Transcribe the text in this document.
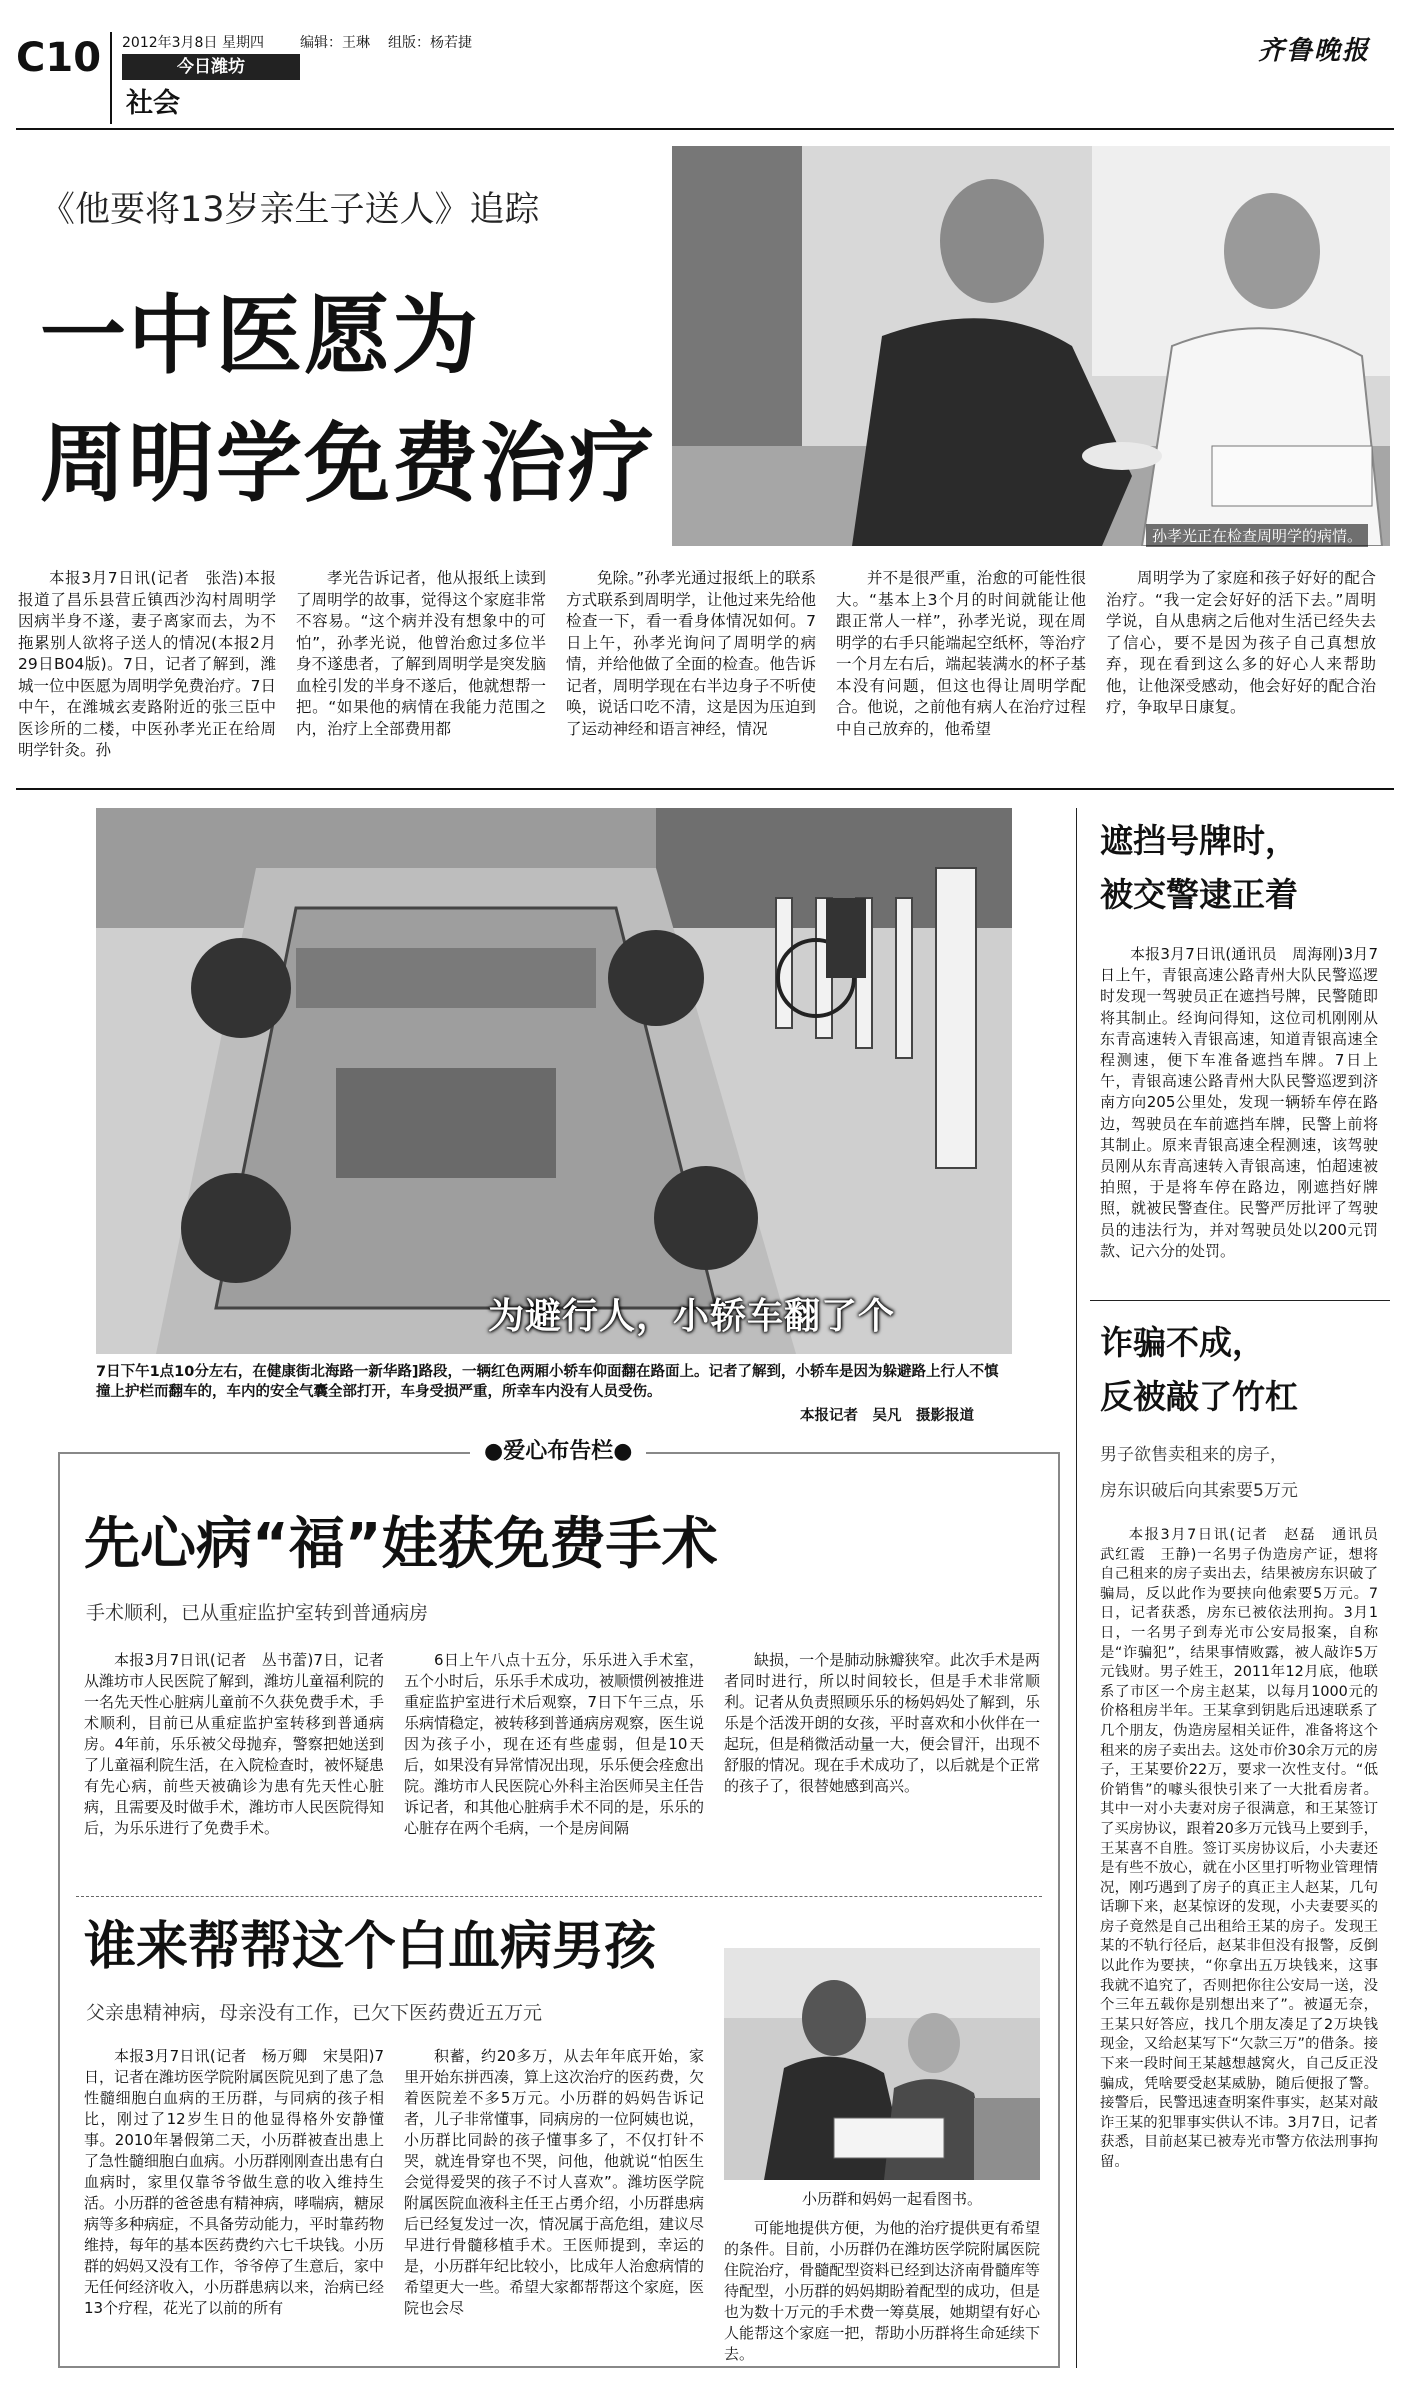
C10 2012年3月8日 星期四	编辑：王琳 组版：杨若捷
今日潍坊
社会
齐鲁晚报
《他要将13岁亲生子送人》追踪
一中医愿为
周明学免费治疗
孙孝光正在检查周明学的病情。

本报3月7日讯(记者　张浩)本报报道了昌乐县营丘镇西沙沟村周明学因病半身不遂，妻子离家而去，为不拖累别人欲将子送人的情况(本报2月29日B04版)。7日，记者了解到，潍城一位中医愿为周明学免费治疗。7日中午，在潍城玄麦路附近的张三臣中医诊所的二楼，中医孙孝光正在给周明学针灸。孙

孝光告诉记者，他从报纸上读到了周明学的故事，觉得这个家庭非常不容易。“这个病并没有想象中的可怕”，孙孝光说，他曾治愈过多位半身不遂患者，了解到周明学是突发脑血栓引发的半身不遂后，他就想帮一把。“如果他的病情在我能力范围之内，治疗上全部费用都

免除。”孙孝光通过报纸上的联系方式联系到周明学，让他过来先给他检查一下，看一看身体情况如何。7日上午，孙孝光询问了周明学的病情，并给他做了全面的检查。他告诉记者，周明学现在右半边身子不听使唤，说话口吃不清，这是因为压迫到了运动神经和语言神经，情况

并不是很严重，治愈的可能性很大。“基本上3个月的时间就能让他跟正常人一样”，孙孝光说，现在周明学的右手只能端起空纸杯，等治疗一个月左右后，端起装满水的杯子基本没有问题，但这也得让周明学配合。他说，之前他有病人在治疗过程中自己放弃的，他希望

周明学为了家庭和孩子好好的配合治疗。“我一定会好好的活下去。”周明学说，自从患病之后他对生活已经失去了信心，要不是因为孩子自己真想放弃，现在看到这么多的好心人来帮助他，让他深受感动，他会好好的配合治疗，争取早日康复。

为避行人，小轿车翻了个
7日下午1点10分左右，在健康街北海路一新华路]路段，一辆红色两厢小轿车仰面翻在路面上。记者了解到，小轿车是因为躲避路上行人不慎撞上护栏而翻车的，车内的安全气囊全部打开，车身受损严重，所幸车内没有人员受伤。
本报记者　吴凡　摄影报道
遮挡号牌时，
被交警逮正着

本报3月7日讯(通讯员　周海刚)3月7日上午，青银高速公路青州大队民警巡逻时发现一驾驶员正在遮挡号牌，民警随即将其制止。经询问得知，这位司机刚刚从东青高速转入青银高速，知道青银高速全程测速，便下车准备遮挡车牌。7日上午，青银高速公路青州大队民警巡逻到济南方向205公里处，发现一辆轿车停在路边，驾驶员在车前遮挡车牌，民警上前将其制止。原来青银高速全程测速，该驾驶员刚从东青高速转入青银高速，怕超速被拍照，于是将车停在路边，刚遮挡好牌照，就被民警查住。民警严厉批评了驾驶员的违法行为，并对驾驶员处以200元罚款、记六分的处罚。

诈骗不成，
反被敲了竹杠
男子欲售卖租来的房子，
房东识破后向其索要5万元

本报3月7日讯(记者　赵磊　通讯员　武红霞　王静)一名男子伪造房产证，想将自己租来的房子卖出去，结果被房东识破了骗局，反以此作为要挟向他索要5万元。7日，记者获悉，房东已被依法刑拘。3月1日，一名男子到寿光市公安局报案，自称是“诈骗犯”，结果事情败露，被人敲诈5万元钱财。男子姓王，2011年12月底，他联系了市区一个房主赵某，以每月1000元的价格租房半年。王某拿到钥匙后迅速联系了几个朋友，伪造房屋相关证件，准备将这个租来的房子卖出去。这处市价30余万元的房子，王某要价22万，要求一次性支付。“低价销售”的噱头很快引来了一大批看房者。其中一对小夫妻对房子很满意，和王某签订了买房协议，跟着20多万元钱马上要到手，王某喜不自胜。签订买房协议后，小夫妻还是有些不放心，就在小区里打听物业管理情况，刚巧遇到了房子的真正主人赵某，几句话聊下来，赵某惊讶的发现，小夫妻要买的房子竟然是自己出租给王某的房子。发现王某的不轨行径后，赵某非但没有报警，反倒以此作为要挟，“你拿出五万块钱来，这事我就不追究了，否则把你往公安局一送，没个三年五载你是别想出来了”。被逼无奈，王某只好答应，找几个朋友凑足了2万块钱现金，又给赵某写下“欠款三万”的借条。接下来一段时间王某越想越窝火，自己反正没骗成，凭啥要受赵某威胁，随后便报了警。接警后，民警迅速查明案件事实，赵某对敲诈王某的犯罪事实供认不讳。3月7日，记者获悉，目前赵某已被寿光市警方依法刑事拘留。

●爱心布告栏●
先心病“福”娃获免费手术
手术顺利，已从重症监护室转到普通病房

本报3月7日讯(记者　丛书蕾)7日，记者从潍坊市人民医院了解到，潍坊儿童福利院的一名先天性心脏病儿童前不久获免费手术，手术顺利，目前已从重症监护室转移到普通病房。4年前，乐乐被父母抛弃，警察把她送到了儿童福利院生活，在入院检查时，被怀疑患有先心病，前些天被确诊为患有先天性心脏病，且需要及时做手术，潍坊市人民医院得知后，为乐乐进行了免费手术。

6日上午八点十五分，乐乐进入手术室，五个小时后，乐乐手术成功，被顺惯例被推进重症监护室进行术后观察，7日下午三点，乐乐病情稳定，被转移到普通病房观察，医生说因为孩子小，现在还有些虚弱，但是10天后，如果没有异常情况出现，乐乐便会痊愈出院。潍坊市人民医院心外科主治医师吴主任告诉记者，和其他心脏病手术不同的是，乐乐的心脏存在两个毛病，一个是房间隔

缺损，一个是肺动脉瓣狭窄。此次手术是两者同时进行，所以时间较长，但是手术非常顺利。记者从负责照顾乐乐的杨妈妈处了解到，乐乐是个活泼开朗的女孩，平时喜欢和小伙伴在一起玩，但是稍微活动量一大，便会冒汗，出现不舒服的情况。现在手术成功了，以后就是个正常的孩子了，很替她感到高兴。

谁来帮帮这个白血病男孩
父亲患精神病，母亲没有工作，已欠下医药费近五万元
小历群和妈妈一起看图书。

本报3月7日讯(记者　杨万卿　宋昊阳)7日，记者在潍坊医学院附属医院见到了患了急性髓细胞白血病的王历群，与同病的孩子相比，刚过了12岁生日的他显得格外安静懂事。2010年暑假第二天，小历群被查出患上了急性髓细胞白血病。小历群刚刚查出患有白血病时，家里仅靠爷爷做生意的收入维持生活。小历群的爸爸患有精神病，哮喘病，糖尿病等多种病症，不具备劳动能力，平时靠药物维持，每年的基本医药费约六七千块钱。小历群的妈妈又没有工作，爷爷停了生意后，家中无任何经济收入，小历群患病以来，治病已经13个疗程，花光了以前的所有

积蓄，约20多万，从去年年底开始，家里开始东拼西凑，算上这次治疗的医药费，欠着医院差不多5万元。小历群的妈妈告诉记者，儿子非常懂事，同病房的一位阿姨也说，小历群比同龄的孩子懂事多了，不仅打针不哭，就连骨穿也不哭，问他，他就说“怕医生会觉得爱哭的孩子不讨人喜欢”。潍坊医学院附属医院血液科主任王占勇介绍，小历群患病后已经复发过一次，情况属于高危组，建议尽早进行骨髓移植手术。王医师提到，幸运的是，小历群年纪比较小，比成年人治愈病情的希望更大一些。希望大家都帮帮这个家庭，医院也会尽

可能地提供方便，为他的治疗提供更有希望的条件。目前，小历群仍在潍坊医学院附属医院住院治疗，骨髓配型资料已经到达济南骨髓库等待配型，小历群的妈妈期盼着配型的成功，但是也为数十万元的手术费一筹莫展，她期望有好心人能帮这个家庭一把，帮助小历群将生命延续下去。
